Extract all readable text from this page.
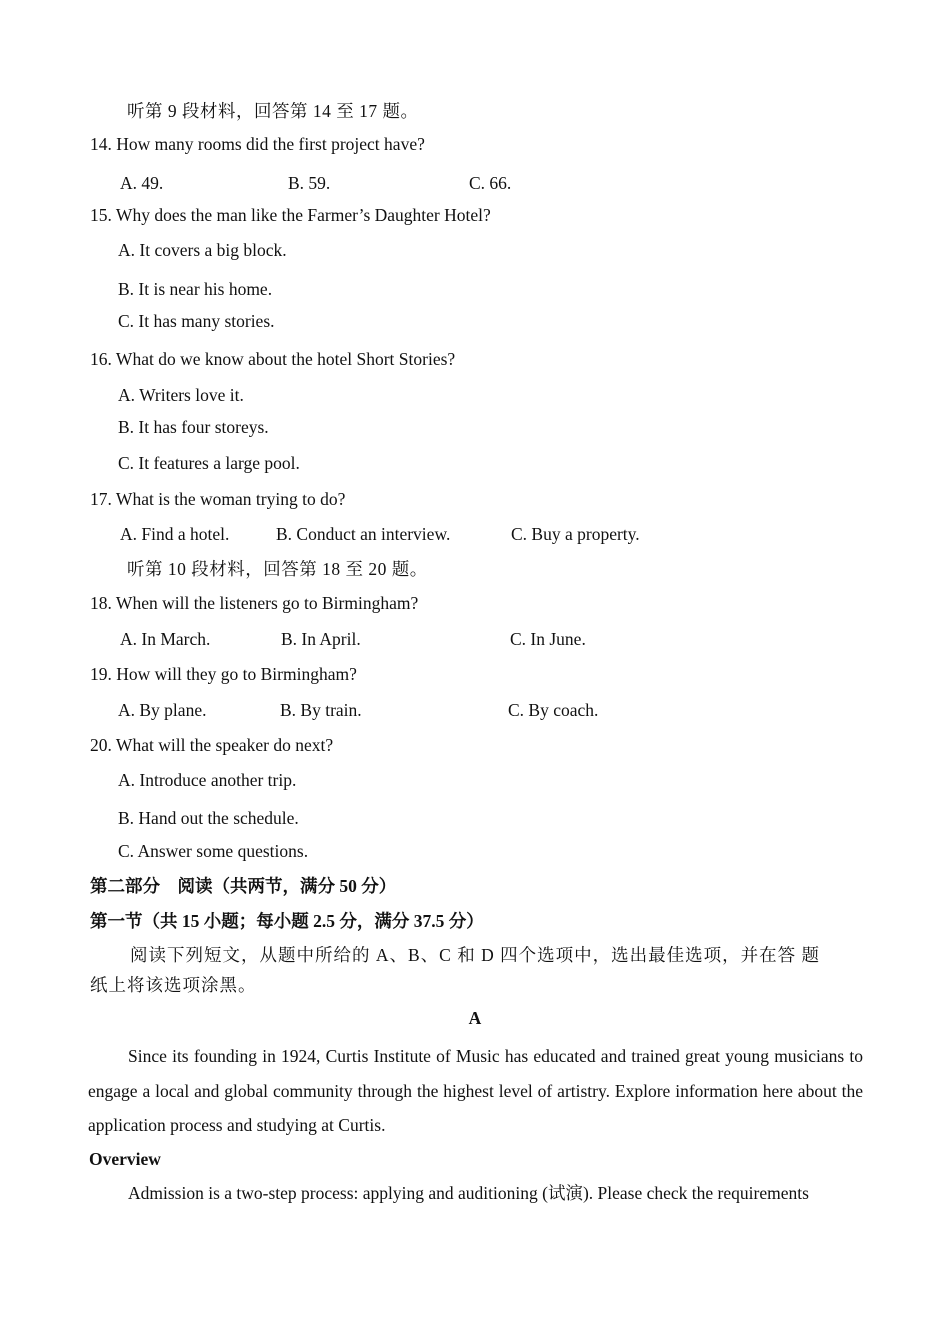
听第 9 段材料，回答第 14 至 17 题。
14. How many rooms did the first project have?
A. 49.	B. 59.	C. 66.
15. Why does the man like the Farmer’s Daughter Hotel?
A. It covers a big block.
B. It is near his home.
C. It has many stories.
16. What do we know about the hotel Short Stories?
A. Writers love it.
B. It has four storeys.
C. It features a large pool.
17. What is the woman trying to do?
A. Find a hotel.	B. Conduct an interview.	C. Buy a property.
听第 10 段材料，回答第 18 至 20 题。
18. When will the listeners go to Birmingham?
A. In March.	B. In April.	C. In June.
19. How will they go to Birmingham?
A. By plane.	B. By train.	C. By coach.
20. What will the speaker do next?
A. Introduce another trip.
B. Hand out the schedule.
C. Answer some questions.
第二部分　阅读（共两节，满分 50 分）
第一节（共 15 小题；每小题 2.5 分，满分 37.5 分）

阅读下列短文，从题中所给的 A、B、C 和 D 四个选项中，选出最佳选项，并在答 题纸上将该选项涂黑。

A

Since its founding in 1924, Curtis Institute of Music has educated and trained great young musicians to engage a local and global community through the highest level of artistry. Explore information here about the application process and studying at Curtis.

Overview

Admission is a two-step process: applying and auditioning (试演). Please check the requirements
